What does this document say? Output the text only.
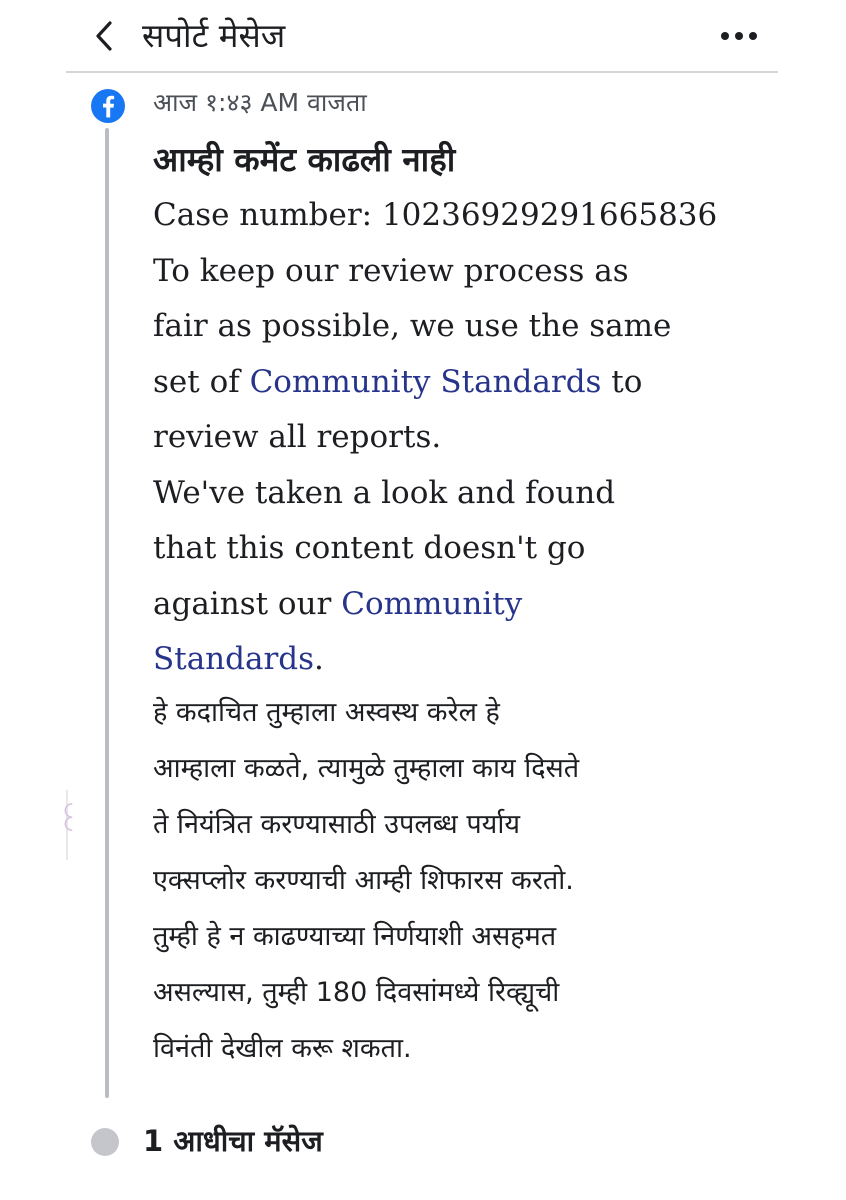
सपोर्ट मेसेज
꒰
आज १:४३ AM वाजता
आम्ही कमेंट काढली नाही
Case number: 10236929291665836
To keep our review process as
fair as possible, we use the same
set of Community Standards to
review all reports.
We've taken a look and found
that this content doesn't go
against our Community
Standards.
हे कदाचित तुम्हाला अस्वस्थ करेल हे
आम्हाला कळते, त्यामुळे तुम्हाला काय दिसते
ते नियंत्रित करण्यासाठी उपलब्ध पर्याय
एक्सप्लोर करण्याची आम्ही शिफारस करतो.
तुम्ही हे न काढण्याच्या निर्णयाशी असहमत
असल्यास, तुम्ही 180 दिवसांमध्ये रिव्ह्यूची
विनंती देखील करू शकता.
1 आधीचा मॅसेज
